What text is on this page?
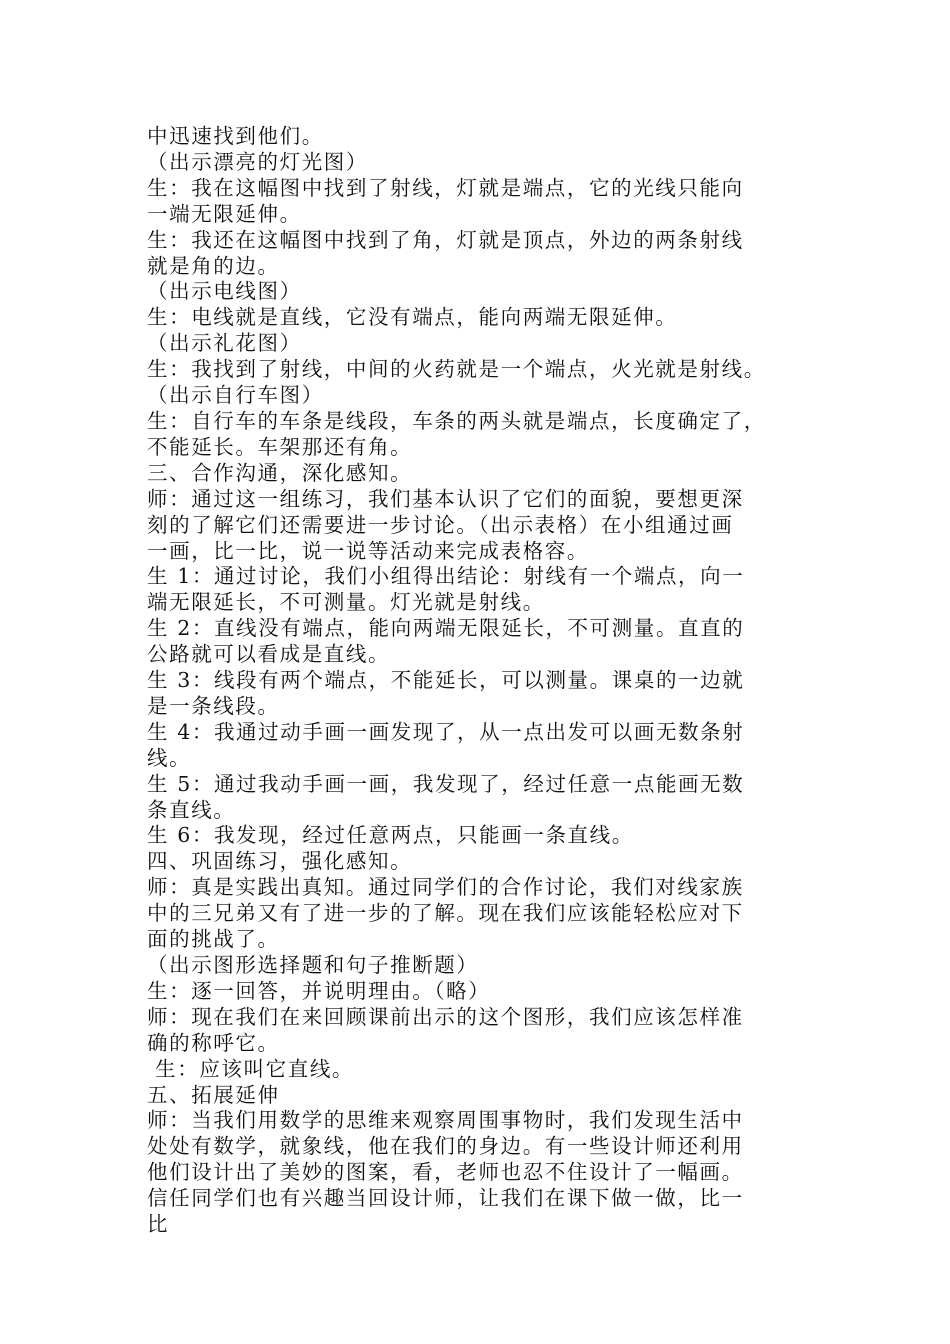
中迅速找到他们。

（出示漂亮的灯光图）

生：我在这幅图中找到了射线，灯就是端点，它的光线只能向

一端无限延伸。

生：我还在这幅图中找到了角，灯就是顶点，外边的两条射线

就是角的边。

（出示电线图）

生：电线就是直线，它没有端点，能向两端无限延伸。

（出示礼花图）

生：我找到了射线，中间的火药就是一个端点，火光就是射线。

（出示自行车图）

生：自行车的车条是线段，车条的两头就是端点，长度确定了，

不能延长。车架那还有角。

三、合作沟通，深化感知。

师：通过这一组练习，我们基本认识了它们的面貌，要想更深

刻的了解它们还需要进一步讨论。（出示表格）在小组通过画

一画，比一比，说一说等活动来完成表格容。

生 1：通过讨论，我们小组得出结论：射线有一个端点，向一

端无限延长，不可测量。灯光就是射线。

生 2：直线没有端点，能向两端无限延长，不可测量。直直的

公路就可以看成是直线。

生 3：线段有两个端点，不能延长，可以测量。课桌的一边就

是一条线段。

生 4：我通过动手画一画发现了，从一点出发可以画无数条射

线。

生 5：通过我动手画一画，我发现了，经过任意一点能画无数

条直线。

生 6：我发现，经过任意两点，只能画一条直线。

四、巩固练习，强化感知。

师：真是实践出真知。通过同学们的合作讨论，我们对线家族

中的三兄弟又有了进一步的了解。现在我们应该能轻松应对下

面的挑战了。

（出示图形选择题和句子推断题）

生：逐一回答，并说明理由。（略）

师：现在我们在来回顾课前出示的这个图形，我们应该怎样准

确的称呼它。

生：应该叫它直线。

五、拓展延伸

师：当我们用数学的思维来观察周围事物时，我们发现生活中

处处有数学，就象线，他在我们的身边。有一些设计师还利用

他们设计出了美妙的图案，看，老师也忍不住设计了一幅画。

信任同学们也有兴趣当回设计师，让我们在课下做一做，比一

比
